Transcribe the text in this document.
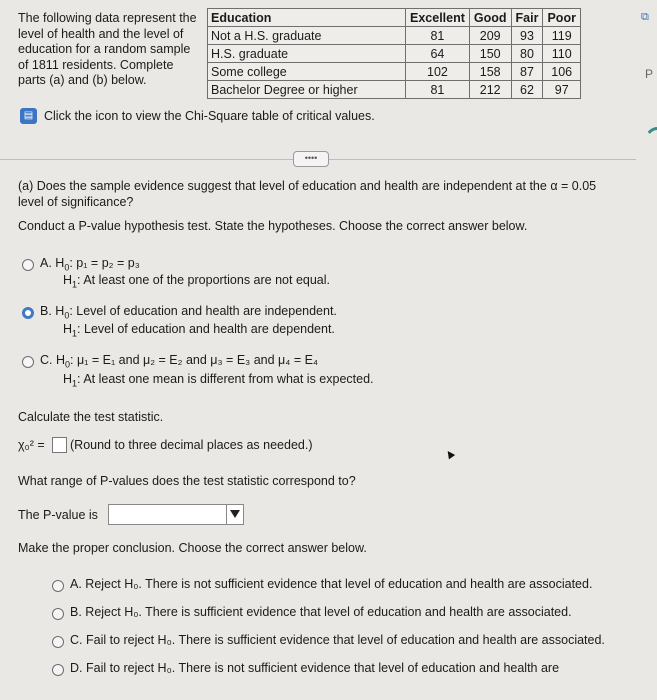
The following data represent the
level of health and the level of
education for a random sample
of 1811 residents. Complete
parts (a) and (b) below.
Education	Excellent	Good	Fair	Poor
Not a H.S. graduate	81	209	93	119
H.S. graduate	64	150	80	110
Some college	102	158	87	106
Bachelor Degree or higher	81	212	62	97
⧉
P
▤ Click the icon to view the Chi-Square table of critical values.
••••
(a) Does the sample evidence suggest that level of education and health are independent at the α = 0.05
level of significance?
Conduct a P-value hypothesis test. State the hypotheses. Choose the correct answer below.
A. $H_0$: p₁ = p₂ = p₃
$H_1$: At least one of the proportions are not equal.
B. $H_0$: Level of education and health are independent.
$H_1$: Level of education and health are dependent.
C. $H_0$: μ₁ = E₁ and μ₂ = E₂ and μ₃ = E₃ and μ₄ = E₄
$H_1$: At least one mean is different from what is expected.
Calculate the test statistic.
χ₀² = (Round to three decimal places as needed.)	▲
What range of P-values does the test statistic correspond to?
The P-value is
Make the proper conclusion. Choose the correct answer below.
A. Reject H₀. There is not sufficient evidence that level of education and health are associated.
B. Reject H₀. There is sufficient evidence that level of education and health are associated.
C. Fail to reject H₀. There is sufficient evidence that level of education and health are associated.
D. Fail to reject H₀. There is not sufficient evidence that level of education and health are
